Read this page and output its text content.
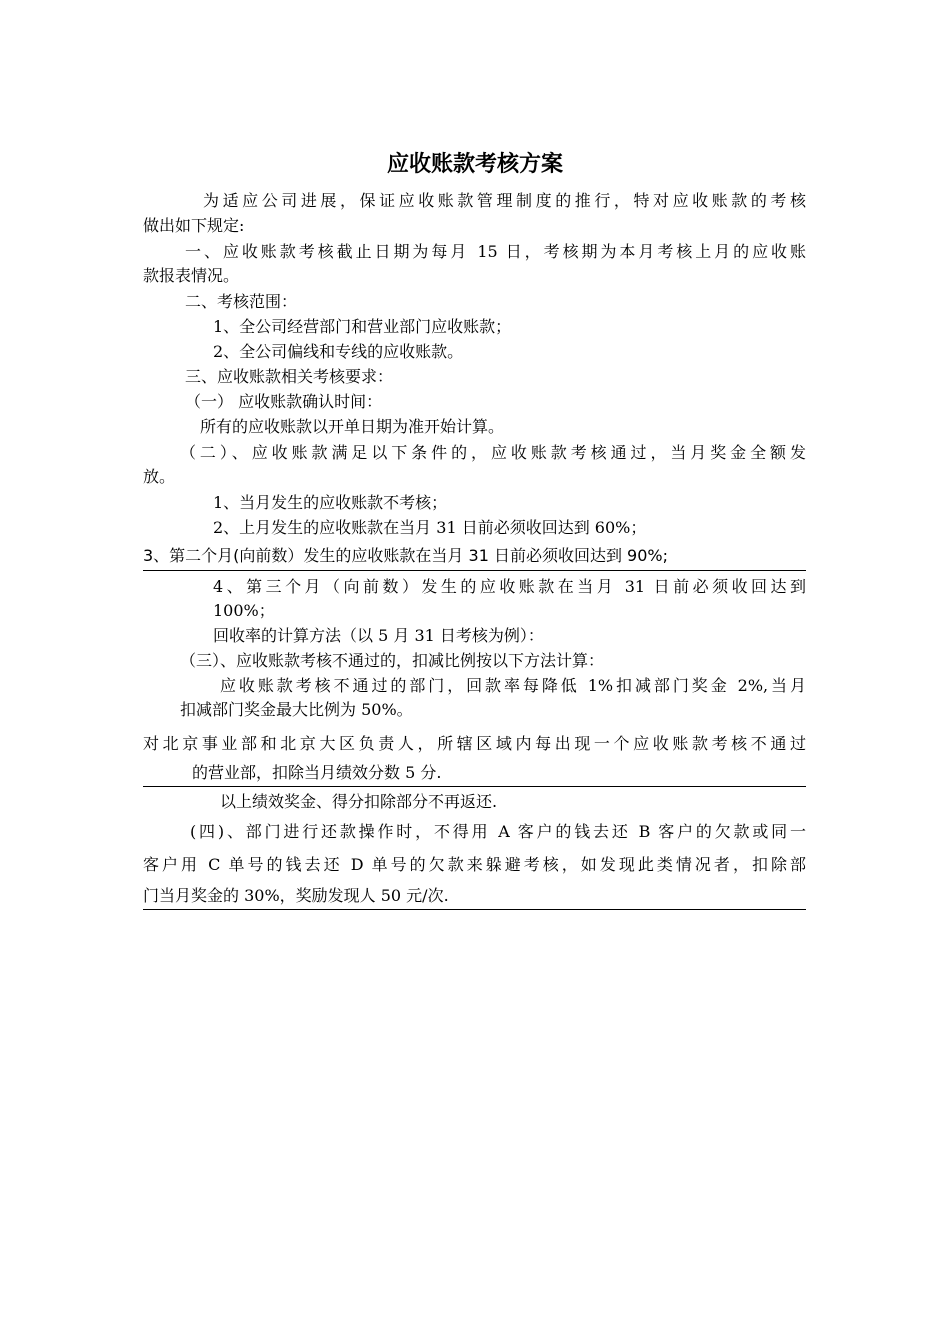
应收账款考核方案

为适应公司进展，保证应收账款管理制度的推行，特对应收账款的考核

做出如下规定:

一、应收账款考核截止日期为每月 15 日，考核期为本月考核上月的应收账

款报表情况。

二、考核范围：

1、全公司经营部门和营业部门应收账款；

2、全公司偏线和专线的应收账款。

三、应收账款相关考核要求：

（一） 应收账款确认时间：

所有的应收账款以开单日期为准开始计算。

（二）、应收账款满足以下条件的，应收账款考核通过，当月奖金全额发

放。

1、当月发生的应收账款不考核；

2、上月发生的应收账款在当月 31 日前必须收回达到 60%；

3、第二个月(向前数）发生的应收账款在当月 31 日前必须收回达到 90%;

4、第三个月（向前数）发生的应收账款在当月 31 日前必须收回达到

100%；

回收率的计算方法（以 5 月 31 日考核为例）：

（三）、应收账款考核不通过的，扣减比例按以下方法计算：

应收账款考核不通过的部门，回款率每降低 1%扣减部门奖金 2%,当月

扣减部门奖金最大比例为 50%。

对北京事业部和北京大区负责人，所辖区域内每出现一个应收账款考核不通过

的营业部，扣除当月绩效分数 5 分.

以上绩效奖金、得分扣除部分不再返还.

(四)、部门进行还款操作时，不得用 A 客户的钱去还 B 客户的欠款或同一

客户用 C 单号的钱去还 D 单号的欠款来躲避考核，如发现此类情况者，扣除部

门当月奖金的 30%，奖励发现人 50 元/次.
